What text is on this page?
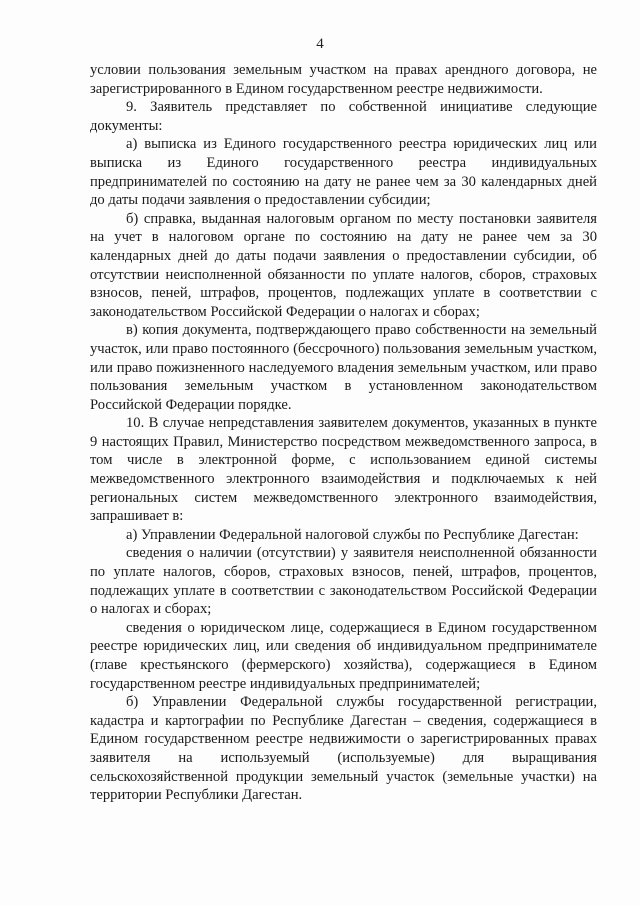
4

условии пользования земельным участком на правах арендного договора, не зарегистрированного в Едином государственном реестре недвижимости.

9. Заявитель представляет по собственной инициативе следующие документы:

а) выписка из Единого государственного реестра юридических лиц или выписка из Единого государственного реестра индивидуальных предпринимателей по состоянию на дату не ранее чем за 30 календарных дней до даты подачи заявления о предоставлении субсидии;

б) справка, выданная налоговым органом по месту постановки заявителя на учет в налоговом органе по состоянию на дату не ранее чем за 30 календарных дней до даты подачи заявления о предоставлении субсидии, об отсутствии неисполненной обязанности по уплате налогов, сборов, страховых взносов, пеней, штрафов, процентов, подлежащих уплате в соответствии с законодательством Российской Федерации о налогах и сборах;

в) копия документа, подтверждающего право собственности на земельный участок, или право постоянного (бессрочного) пользования земельным участком, или право пожизненного наследуемого владения земельным участком, или право пользования земельным участком в установленном законодательством Российской Федерации порядке.

10. В случае непредставления заявителем документов, указанных в пункте 9 настоящих Правил, Министерство посредством межведомственного запроса, в том числе в электронной форме, с использованием единой системы межведомственного электронного взаимодействия и подключаемых к ней региональных систем межведомственного электронного взаимодействия, запрашивает в:

а) Управлении Федеральной налоговой службы по Республике Дагестан:

сведения о наличии (отсутствии) у заявителя неисполненной обязанности по уплате налогов, сборов, страховых взносов, пеней, штрафов, процентов, подлежащих уплате в соответствии с законодательством Российской Федерации о налогах и сборах;

сведения о юридическом лице, содержащиеся в Едином государственном реестре юридических лиц, или сведения об индивидуальном предпринимателе (главе крестьянского (фермерского) хозяйства), содержащиеся в Едином государственном реестре индивидуальных предпринимателей;

б) Управлении Федеральной службы государственной регистрации, кадастра и картографии по Республике Дагестан – сведения, содержащиеся в Едином государственном реестре недвижимости о зарегистрированных правах заявителя на используемый (используемые) для выращивания сельскохозяйственной продукции земельный участок (земельные участки) на территории Республики Дагестан.
